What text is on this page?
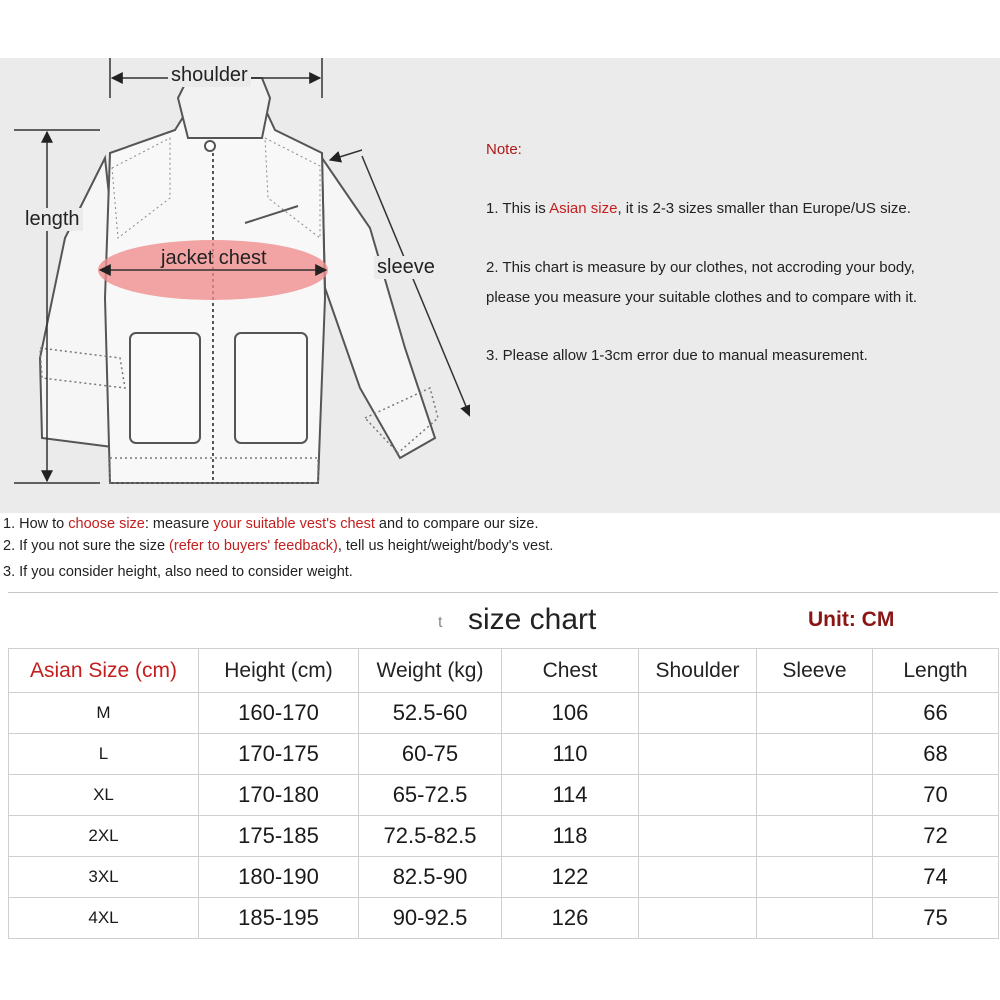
shoulder
length
jacket chest	sleeve
Note:
1. This is Asian size, it is 2-3 sizes smaller than Europe/US size.
2. This chart is measure by our clothes, not accroding your body,
please you measure your suitable clothes and to compare with it.
3. Please allow 1-3cm error due to manual measurement.
1. How to choose size: measure your suitable vest's chest and to compare our size.
2. If you not sure the size (refer to buyers' feedback), tell us height/weight/body's vest.
3. If you consider height, also need to consider weight.
t size chart	Unit: CM
Asian Size (cm)	Height (cm)	Weight (kg)	Chest	Shoulder	Sleeve	Length
M	160-170	52.5-60	106			66
L	170-175	60-75	110			68
XL	170-180	65-72.5	114			70
2XL	175-185	72.5-82.5	118			72
3XL	180-190	82.5-90	122			74
4XL	185-195	90-92.5	126			75
